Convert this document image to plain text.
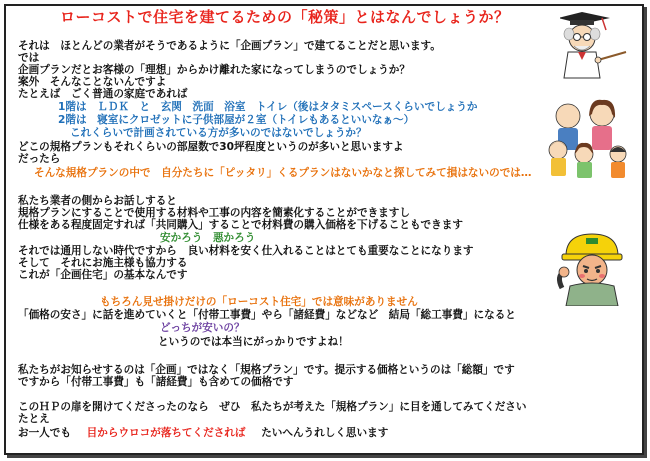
ローコストで住宅を建てるための「秘策」とはなんでしょうか？
それは　ほとんどの業者がそうであるように「企画プラン」で建てることだと思います。
では
企画プランだとお客様の「理想」からかけ離れた家になってしまうのでしょうか？
案外　そんなことないんですよ
たとえば　ごく普通の家庭であれば
1階は　ＬＤＫ　と　玄関　洗面　浴室　トイレ（後はタタミスペースくらいでしょうか
2階は　寝室にクロゼットに子供部屋が２室（トイレもあるといいなぁ～）
これくらいで計画されている方が多いのではないでしょうか？
どこの規格プランもそれくらいの部屋数で30坪程度というのが多いと思いますよ
だったら
そんな規格プランの中で　自分たちに「ピッタリ」くるプランはないかなと探してみて損はないのでは…
私たち業者の側からお話しすると
規格プランにすることで使用する材料や工事の内容を簡素化することができますし
仕様をある程度固定すれば「共同購入」することで材料費の購入価格を下げることもできます
安かろう　悪かろう
それでは通用しない時代ですから　良い材料を安く仕入れることはとても重要なことになります
そして　それにお施主様も協力する
これが「企画住宅」の基本なんです
もちろん見せ掛けだけの「ローコスト住宅」では意味がありません
「価格の安さ」に話を進めていくと「付帯工事費」やら「諸経費」などなど　結局「総工事費」になると
どっちが安いの？
というのでは本当にがっかりですよね！
私たちがお知らせするのは「企画」ではなく「規格プラン」です。提示する価格というのは「総額」です
ですから「付帯工事費」も「諸経費」も含めての価格です
このＨＰの扉を開けてくださったのなら　ぜひ　私たちが考えた「規格プラン」に目を通してみてください
たとえ
お一人でも 目からウロコが落ちてくだされば たいへんうれしく思います
